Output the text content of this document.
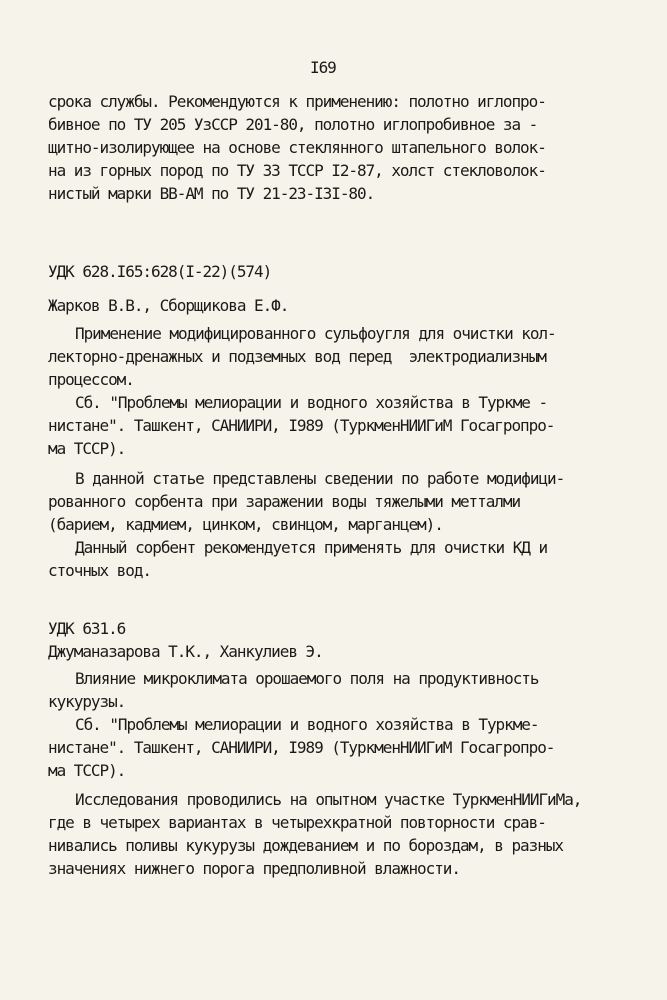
I69
срока службы. Рекомендуются к применению: полотно иглопро-
бивное по ТУ 205 УзССР 201-80, полотно иглопробивное за -
щитно-изолирующее на основе стеклянного штапельного волок-
на из горных пород по ТУ 33 ТССР I2-87, холст стекловолок-
нистый марки ВВ-АМ по ТУ 21-23-I3I-80.
УДК 628.I65:628(I-22)(574)
Жарков В.В., Сборщикова Е.Ф.
Применение модифицированного сульфоугля для очистки кол-
лекторно-дренажных и подземных вод перед  электродиализным
процессом.
Сб. "Проблемы мелиорации и водного хозяйства в Туркме -
нистане". Ташкент, САНИИРИ, I989 (ТуркменНИИГиМ Госагропро-
ма ТССР).
В данной статье представлены сведении по работе модифици-
рованного сорбента при заражении воды тяжелыми метталми
(барием, кадмием, цинком, свинцом, марганцем).
Данный сорбент рекомендуется применять для очистки КД и
сточных вод.
УДК 631.6
Джуманазарова Т.К., Ханкулиев Э.
Влияние микроклимата орошаемого поля на продуктивность
кукурузы.
Сб. "Проблемы мелиорации и водного хозяйства в Туркме-
нистане". Ташкент, САНИИРИ, I989 (ТуркменНИИГиМ Госагропро-
ма ТССР).
Исследования проводились на опытном участке ТуркменНИИГиМа,
где в четырех вариантах в четырехкратной повторности срав-
нивались поливы кукурузы дождеванием и по бороздам, в разных
значениях нижнего порога предполивной влажности.
